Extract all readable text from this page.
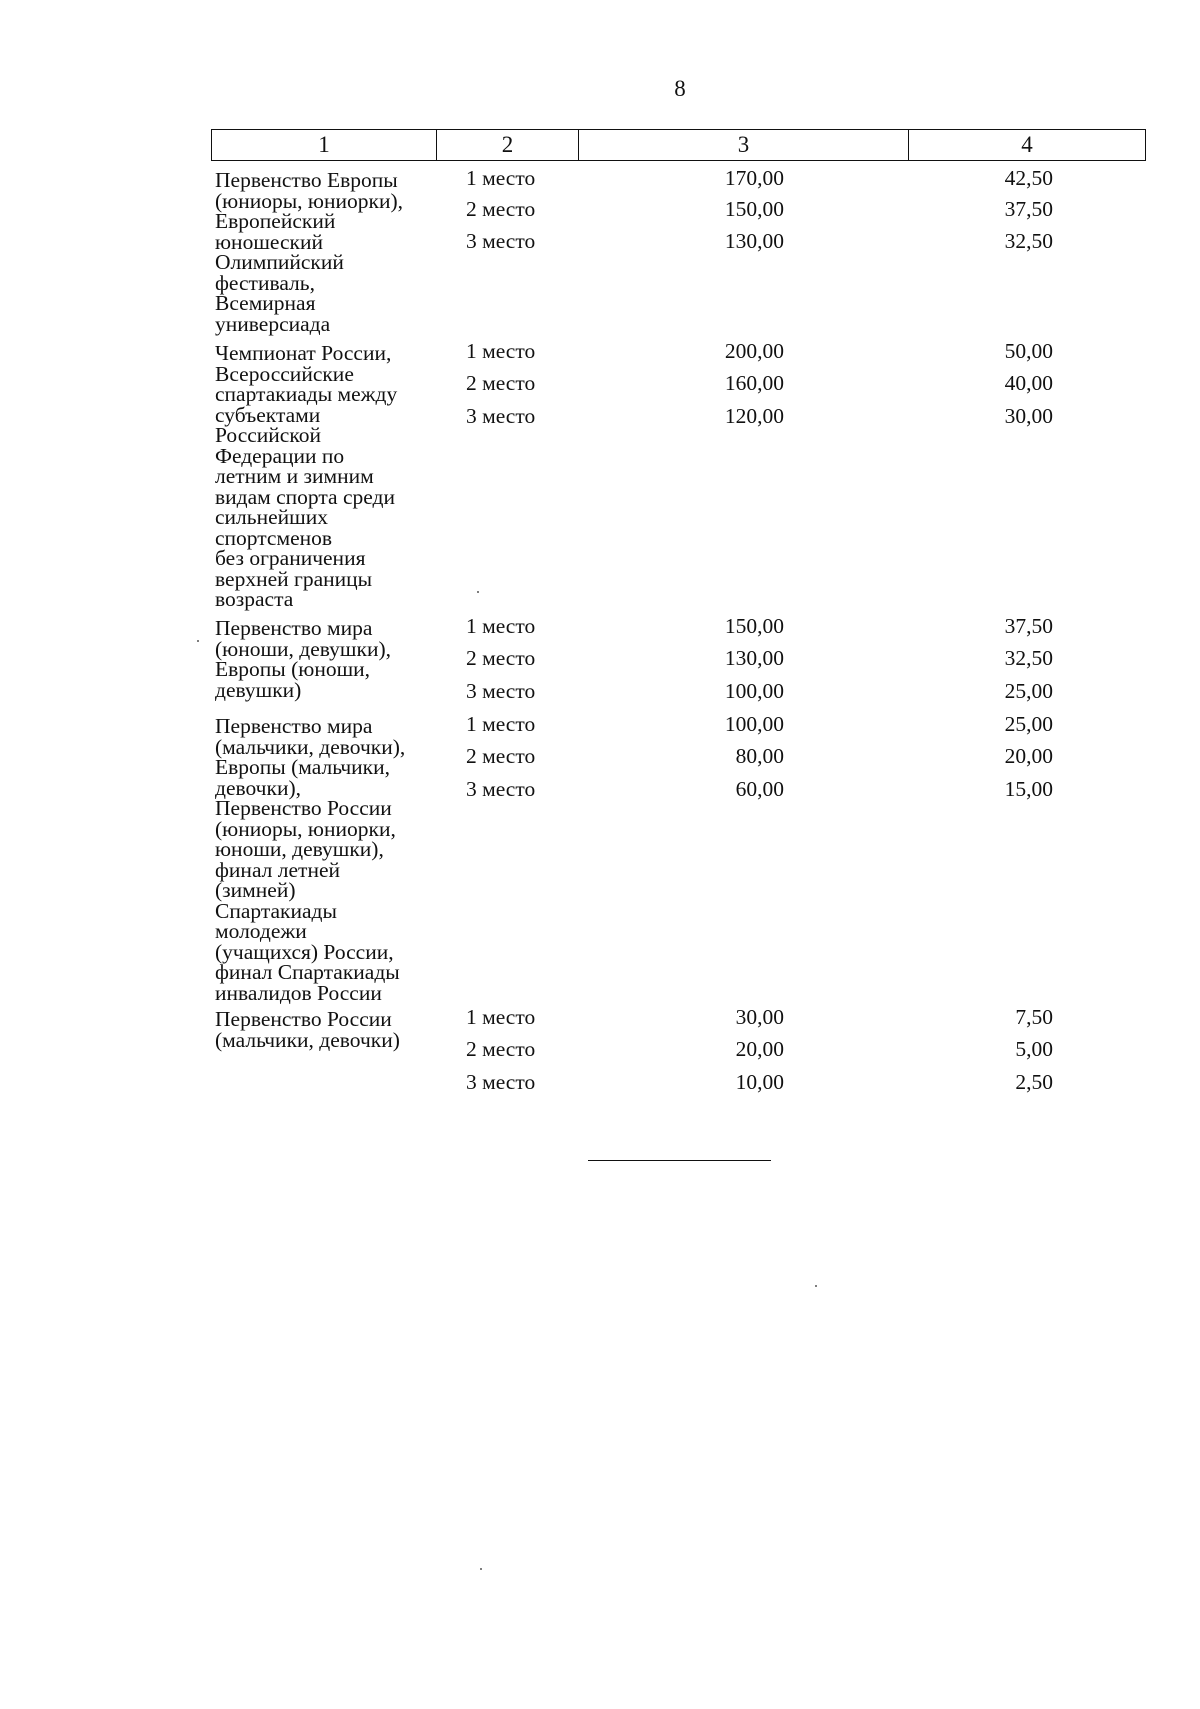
8
1	2	3	4
Первенство Европы
(юниоры, юниорки),
Европейский
юношеский
Олимпийский
фестиваль,
Всемирная
универсиада
1 место	170,00	42,50
2 место	150,00	37,50
3 место	130,00	32,50
Чемпионат России,
Всероссийские
спартакиады между
субъектами
Российской
Федерации по
летним и зимним
видам спорта среди
сильнейших
спортсменов
без ограничения
верхней границы
возраста
1 место	200,00	50,00
2 место	160,00	40,00
3 место	120,00	30,00
Первенство мира
(юноши, девушки),
Европы (юноши,
девушки)
1 место	150,00	37,50
2 место	130,00	32,50
3 место	100,00	25,00
Первенство мира
(мальчики, девочки),
Европы (мальчики,
девочки),
Первенство России
(юниоры, юниорки,
юноши, девушки),
финал летней
(зимней)
Спартакиады
молодежи
(учащихся) России,
финал Спартакиады
инвалидов России
1 место	100,00	25,00
2 место	80,00	20,00
3 место	60,00	15,00
Первенство России
(мальчики, девочки)
1 место	30,00	7,50
2 место	20,00	5,00
3 место	10,00	2,50
